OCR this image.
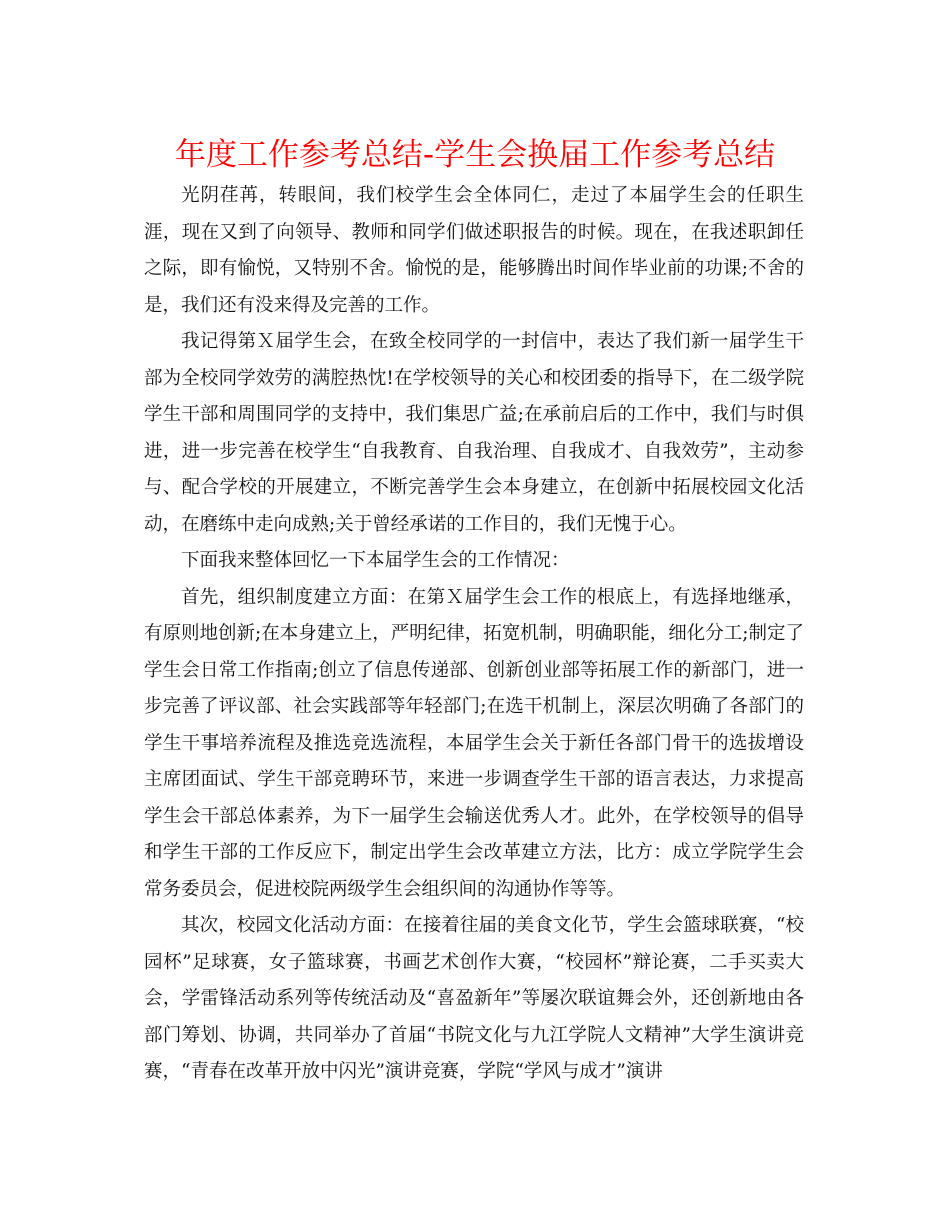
年度工作参考总结-学生会换届工作参考总结

光阴荏苒，转眼间，我们校学生会全体同仁，走过了本届学生会的任职生涯，现在又到了向领导、教师和同学们做述职报告的时候。现在，在我述职卸任之际，即有愉悦，又特别不舍。愉悦的是，能够腾出时间作毕业前的功课;不舍的是，我们还有没来得及完善的工作。

我记得第Ｘ届学生会，在致全校同学的一封信中，表达了我们新一届学生干部为全校同学效劳的满腔热忱!在学校领导的关心和校团委的指导下，在二级学院学生干部和周围同学的支持中，我们集思广益;在承前启后的工作中，我们与时俱进，进一步完善在校学生“自我教育、自我治理、自我成才、自我效劳”，主动参与、配合学校的开展建立，不断完善学生会本身建立，在创新中拓展校园文化活动，在磨练中走向成熟;关于曾经承诺的工作目的，我们无愧于心。

下面我来整体回忆一下本届学生会的工作情况：

首先，组织制度建立方面：在第Ｘ届学生会工作的根底上，有选择地继承，有原则地创新;在本身建立上，严明纪律，拓宽机制，明确职能，细化分工;制定了学生会日常工作指南;创立了信息传递部、创新创业部等拓展工作的新部门，进一步完善了评议部、社会实践部等年轻部门;在选干机制上，深层次明确了各部门的学生干事培养流程及推选竞选流程，本届学生会关于新任各部门骨干的选拔增设主席团面试、学生干部竞聘环节，来进一步调查学生干部的语言表达，力求提高学生会干部总体素养，为下一届学生会输送优秀人才。此外，在学校领导的倡导和学生干部的工作反应下，制定出学生会改革建立方法，比方：成立学院学生会常务委员会，促进校院两级学生会组织间的沟通协作等等。

其次，校园文化活动方面：在接着往届的美食文化节，学生会篮球联赛，“校园杯”足球赛，女子篮球赛，书画艺术创作大赛，“校园杯”辩论赛，二手买卖大会，学雷锋活动系列等传统活动及“喜盈新年”等屡次联谊舞会外，还创新地由各部门筹划、协调，共同举办了首届“书院文化与九江学院人文精神”大学生演讲竞赛，“青春在改革开放中闪光”演讲竞赛，学院“学风与成才”演讲
